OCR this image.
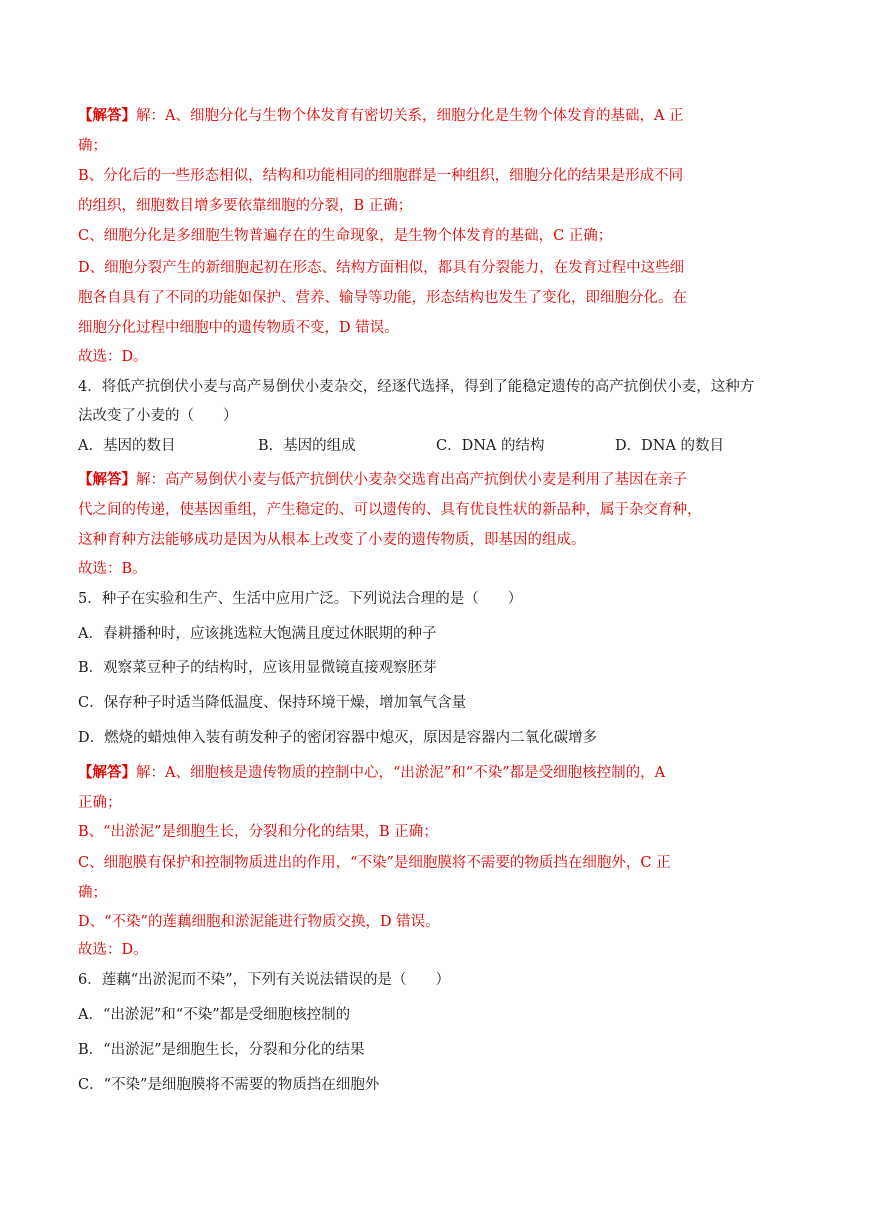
【解答】解：A、细胞分化与生物个体发育有密切关系，细胞分化是生物个体发育的基础，A 正
确；
B、分化后的一些形态相似，结构和功能相同的细胞群是一种组织，细胞分化的结果是形成不同
的组织，细胞数目增多要依靠细胞的分裂，B 正确；
C、细胞分化是多细胞生物普遍存在的生命现象，是生物个体发育的基础，C 正确；
D、细胞分裂产生的新细胞起初在形态、结构方面相似，都具有分裂能力，在发育过程中这些细
胞各自具有了不同的功能如保护、营养、输导等功能，形态结构也发生了变化，即细胞分化。在
细胞分化过程中细胞中的遗传物质不变，D 错误。
故选：D。
4．将低产抗倒伏小麦与高产易倒伏小麦杂交，经逐代选择，得到了能稳定遗传的高产抗倒伏小麦，这种方
法改变了小麦的（　　）
A．基因的数目	B．基因的组成	C．DNA 的结构	D．DNA 的数目
【解答】解：高产易倒伏小麦与低产抗倒伏小麦杂交选育出高产抗倒伏小麦是利用了基因在亲子
代之间的传递，使基因重组，产生稳定的、可以遗传的、具有优良性状的新品种，属于杂交育种，
这种育种方法能够成功是因为从根本上改变了小麦的遗传物质，即基因的组成。
故选：B。
5．种子在实验和生产、生活中应用广泛。下列说法合理的是（　　）
A．春耕播种时，应该挑选粒大饱满且度过休眠期的种子
B．观察菜豆种子的结构时，应该用显微镜直接观察胚芽
C．保存种子时适当降低温度、保持环境干燥，增加氧气含量
D．燃烧的蜡烛伸入装有萌发种子的密闭容器中熄灭，原因是容器内二氧化碳增多
【解答】解：A、细胞核是遗传物质的控制中心，“出淤泥”和“不染”都是受细胞核控制的，A
正确；
B、“出淤泥”是细胞生长，分裂和分化的结果，B 正确；
C、细胞膜有保护和控制物质进出的作用，“不染”是细胞膜将不需要的物质挡在细胞外，C 正
确；
D、“不染”的莲藕细胞和淤泥能进行物质交换，D 错误。
故选：D。
6．莲藕“出淤泥而不染”，下列有关说法错误的是（　　）
A．“出淤泥”和“不染”都是受细胞核控制的
B．“出淤泥”是细胞生长，分裂和分化的结果
C．“不染”是细胞膜将不需要的物质挡在细胞外
